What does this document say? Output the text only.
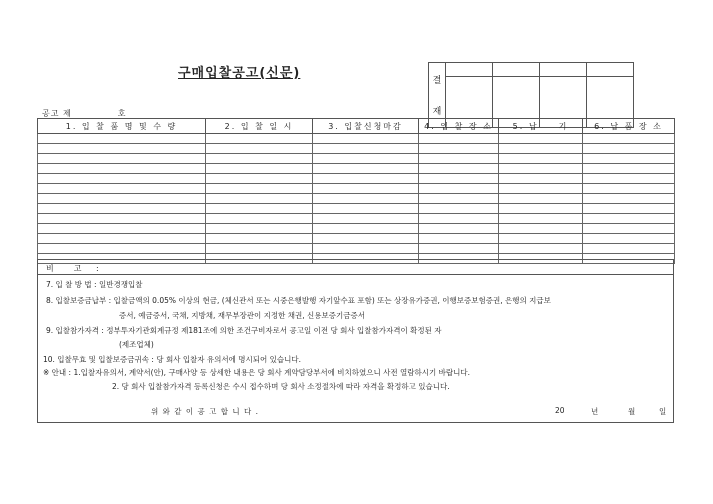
구매입찰공고(신문)	결
재				

공고 제	호
1. 입 찰 품 명 및 수 량	2. 입 찰 일 시	3. 입찰신청마감	4. 입 찰 장 소	5. 납　　기	6. 납 품 장 소

비　고 :
7. 입 찰 방 법 : 일반경쟁입찰
8. 입찰보증금납부 : 입찰금액의 0.05% 이상의 현금, (체신관서 또는 시중은행발행 자기앞수표 포함) 또는 상장유가증권, 이행보증보험증권, 은행의 지급보
증서, 예금증서, 국채, 지방채, 재무부장관이 지정한 채권, 신용보증기금증서
9. 입찰참가자격 : 정부투자기관회계규정 제181조에 의한 조건구비자로서 공고일 이전 당 회사 입찰참가자격이 확정된 자
(제조업체)
10. 입찰무효 및 입찰보증금귀속 : 당 회사 입찰자 유의서에 명시되어 있습니다.
※ 안내 : 1.입찰자유의서, 계약서(안), 구매사양 등 상세한 내용은 당 회사 계약담당부서에 비치하였으니 사전 열람하시기 바랍니다.
2. 당 회사 입찰참가자격 등록신청은 수시 접수하며 당 회사 소정절차에 따라 자격을 확정하고 있습니다.
위 와 같 이 공 고 합 니 다 .	20	년	월	일
